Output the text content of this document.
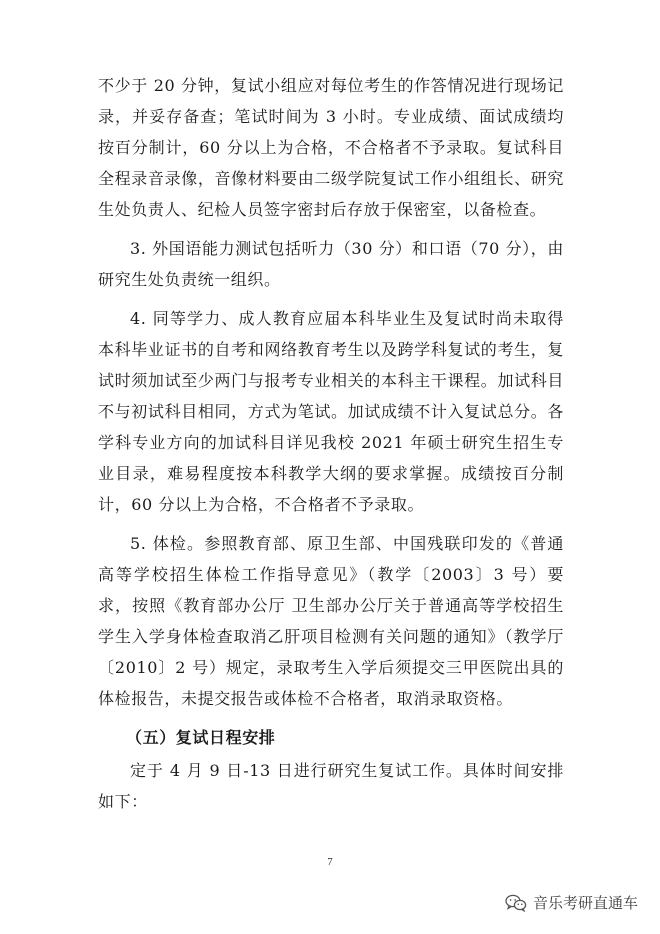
不少于 20 分钟，复试小组应对每位考生的作答情况进行现场记录，并妥存备查；笔试时间为 3 小时。专业成绩、面试成绩均按百分制计，60 分以上为合格，不合格者不予录取。复试科目全程录音录像，音像材料要由二级学院复试工作小组组长、研究生处负责人、纪检人员签字密封后存放于保密室，以备检查。

3. 外国语能力测试包括听力（30 分）和口语（70 分），由研究生处负责统一组织。

4. 同等学力、成人教育应届本科毕业生及复试时尚未取得本科毕业证书的自考和网络教育考生以及跨学科复试的考生，复试时须加试至少两门与报考专业相关的本科主干课程。加试科目不与初试科目相同，方式为笔试。加试成绩不计入复试总分。各学科专业方向的加试科目详见我校 2021 年硕士研究生招生专业目录，难易程度按本科教学大纲的要求掌握。成绩按百分制计，60 分以上为合格，不合格者不予录取。

5. 体检。参照教育部、原卫生部、中国残联印发的《普通高等学校招生体检工作指导意见》（教学〔2003〕3 号）要求，按照《教育部办公厅 卫生部办公厅关于普通高等学校招生学生入学身体检查取消乙肝项目检测有关问题的通知》（教学厅〔2010〕2 号）规定，录取考生入学后须提交三甲医院出具的体检报告，未提交报告或体检不合格者，取消录取资格。

（五）复试日程安排

定于 4 月 9 日-13 日进行研究生复试工作。具体时间安排如下：

7
音乐考研直通车
